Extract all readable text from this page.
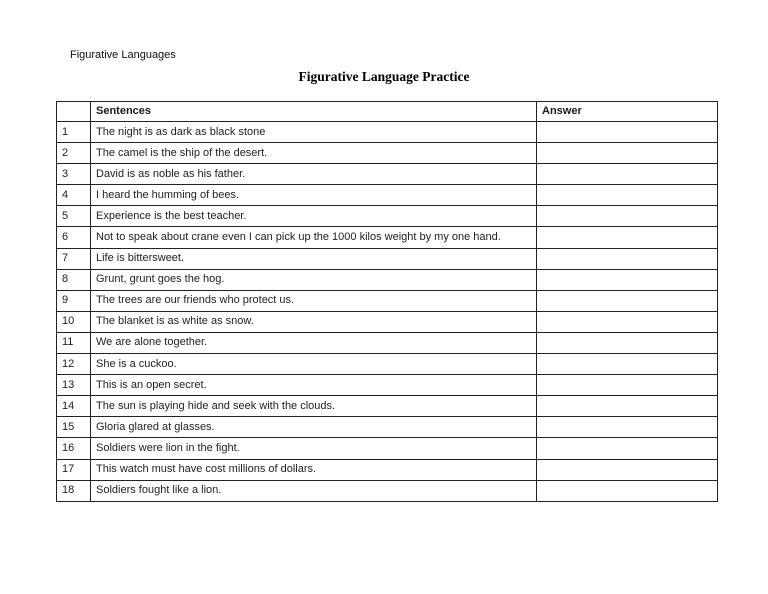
Figurative Languages
Figurative Language Practice
	Sentences	Answer
1	The night is as dark as black stone	
2	The camel is the ship of the desert.	
3	David is as noble as his father.	
4	I heard the humming of bees.	
5	Experience is the best teacher.	
6	Not to speak about crane even I can pick up the 1000 kilos weight by my one hand.	
7	Life is bittersweet.	
8	Grunt, grunt goes the hog.	
9	The trees are our friends who protect us.	
10	The blanket is as white as snow.	
11	We are alone together.	
12	She is a cuckoo.	
13	This is an open secret.	
14	The sun is playing hide and seek with the clouds.	
15	Gloria glared at glasses.	
16	Soldiers were lion in the fight.	
17	This watch must have cost millions of dollars.	
18	Soldiers fought like a lion.	
